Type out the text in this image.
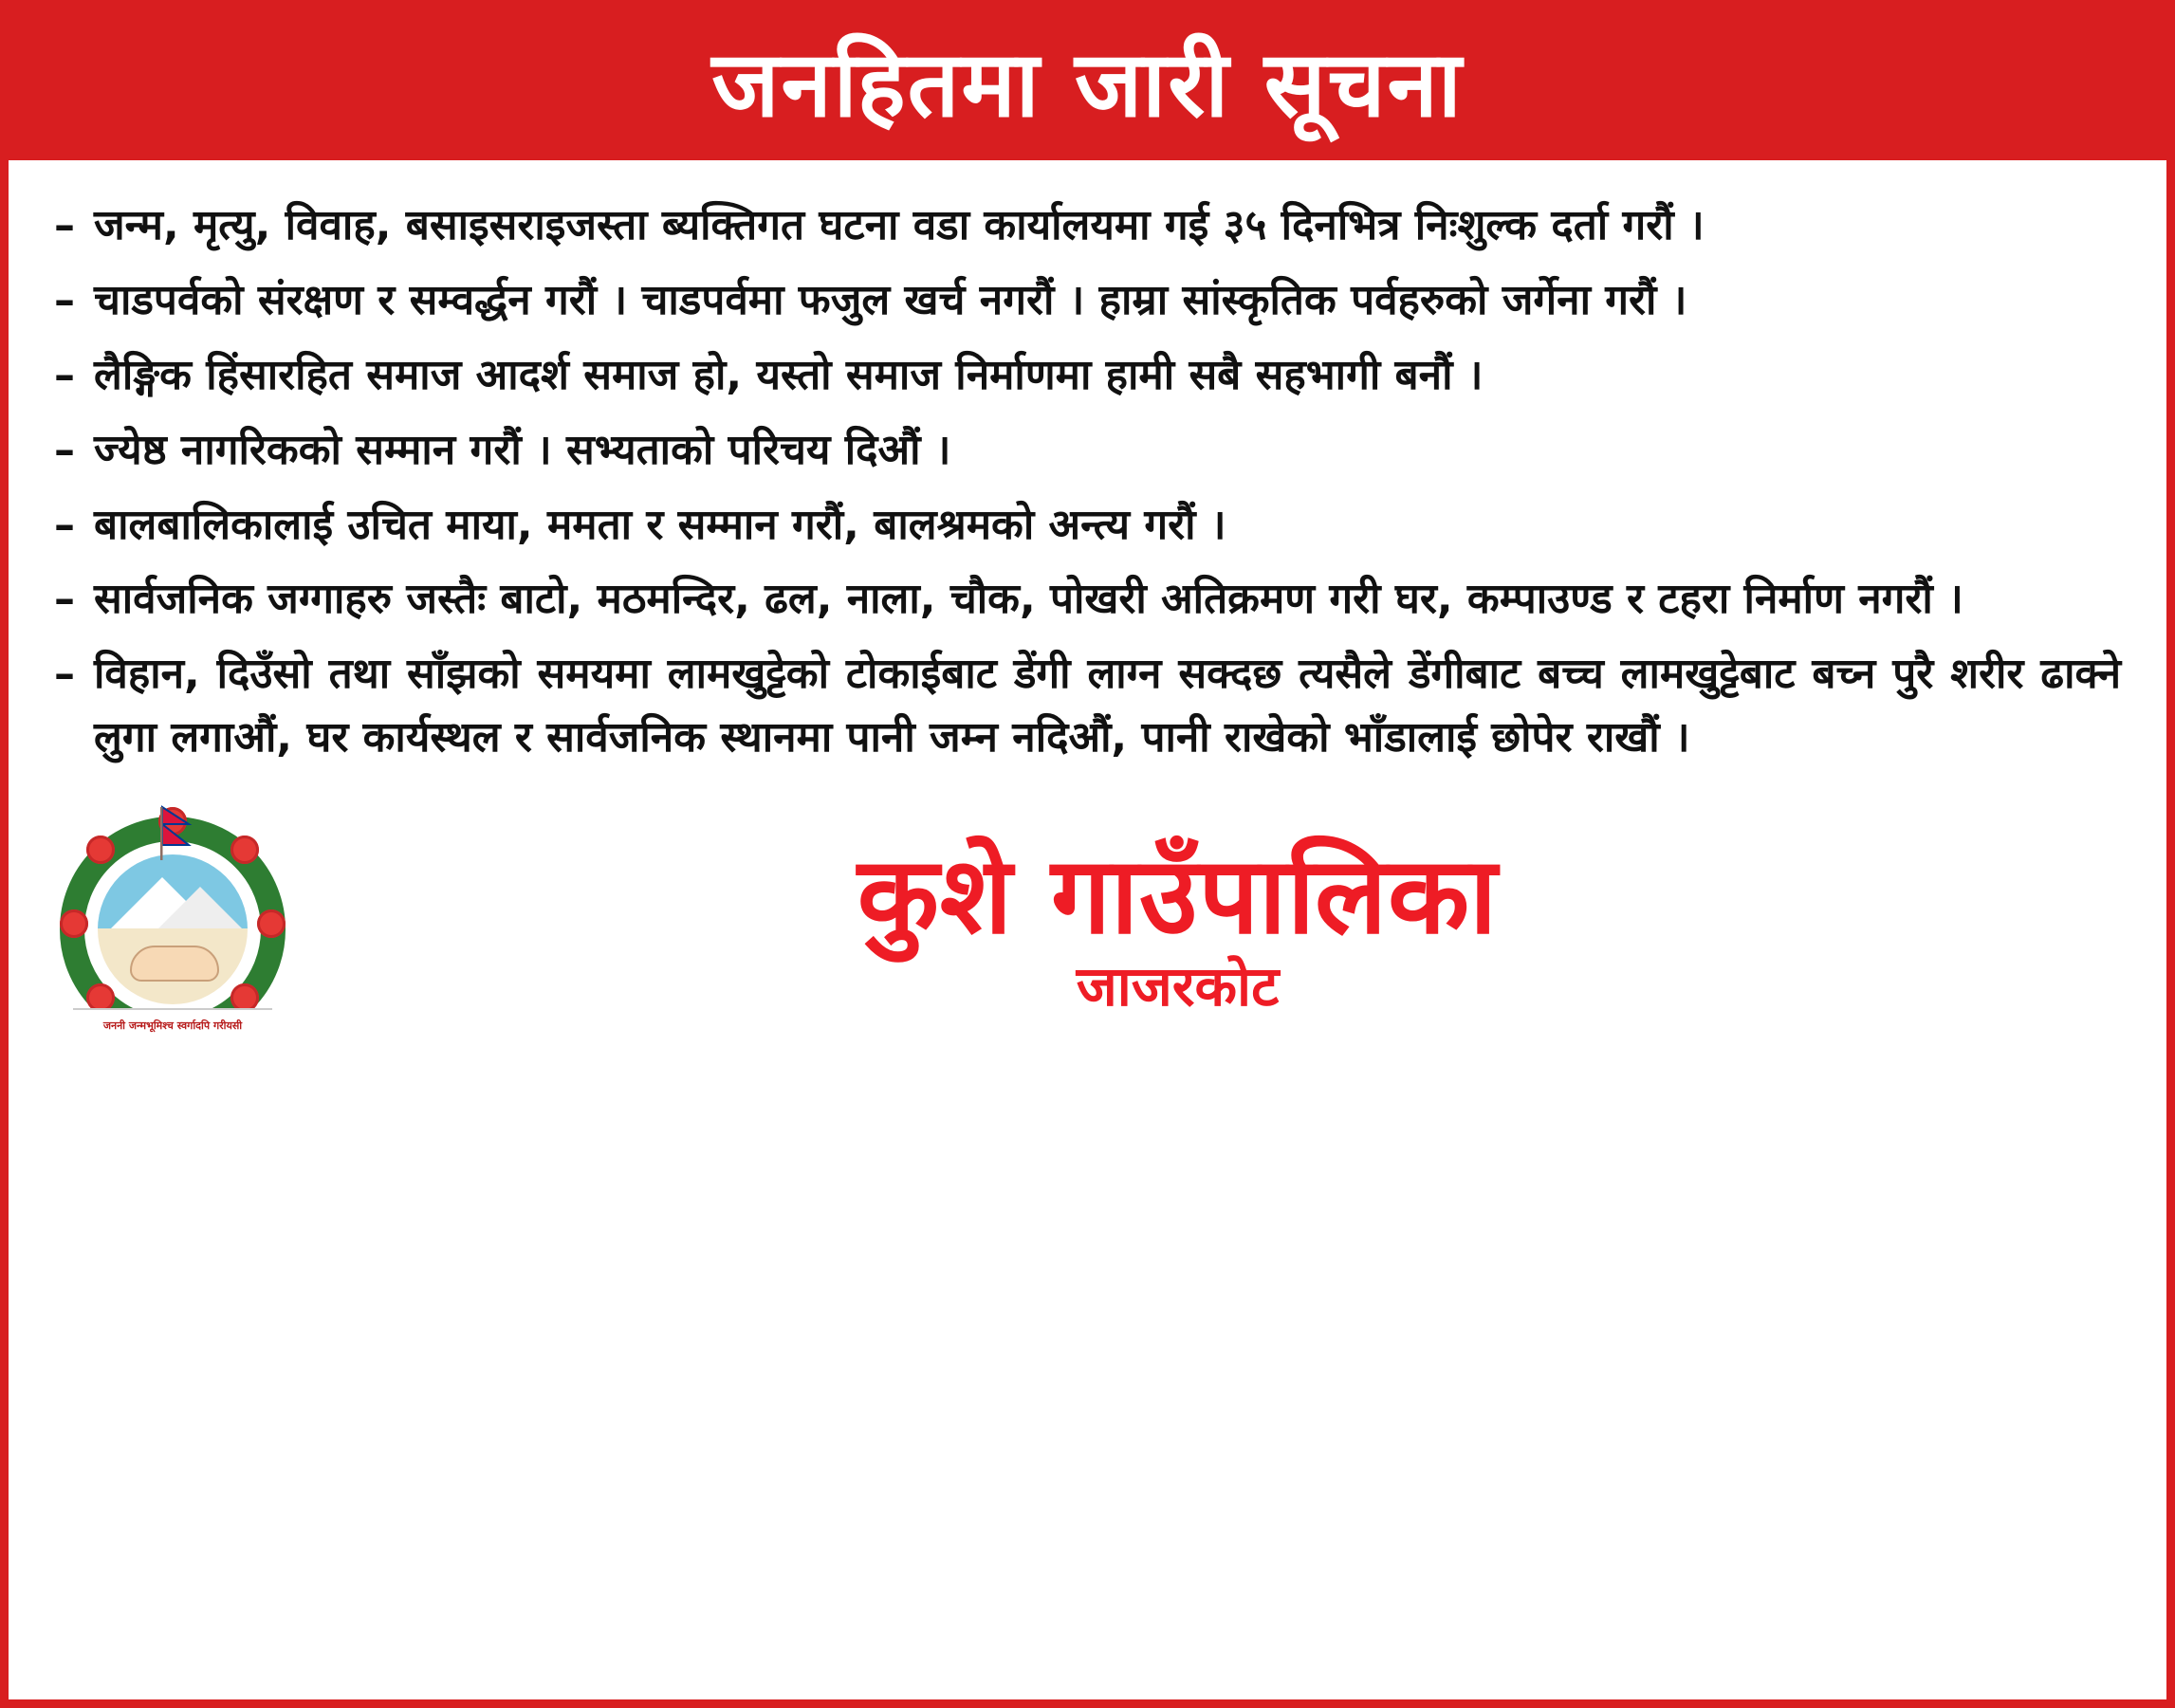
जनहितमा जारी सूचना
– जन्म, मृत्यु, विवाह, बसाइसराइजस्ता ब्यक्तिगत घटना वडा कार्यालयमा गई ३५ दिनभित्र निःशुल्क दर्ता गरौं ।
– चाडपर्वको संरक्षण र सम्वर्द्धन गरौं । चाडपर्वमा फजुल खर्च नगरौं । हाम्रा सांस्कृतिक पर्वहरुको जर्गेना गरौं ।
– लैङ्गिक हिंसारहित समाज आदर्श समाज हो, यस्तो समाज निर्माणमा हामी सबै सहभागी बनौं ।
– ज्येष्ठ नागरिकको सम्मान गरौं । सभ्यताको परिचय दिऔं ।
– बालबालिकालाई उचित माया, ममता र सम्मान गरौं, बालश्रमको अन्त्य गरौं ।
– सार्वजनिक जग्गाहरु जस्तैः बाटो, मठमन्दिर, ढल, नाला, चौक, पोखरी अतिक्रमण गरी घर, कम्पाउण्ड र टहरा निर्माण नगरौं ।
– विहान, दिउँसो तथा साँझको समयमा लामखुट्टेको टोकाईबाट डेंगी लाग्न सक्दछ त्यसैले डेंगीबाट बच्च लामखुट्टेबाट बच्न पुरै शरीर ढाक्ने लुगा लगाऔं, घर कार्यस्थल र सार्वजनिक स्थानमा पानी जम्न नदिऔं, पानी राखेको भाँडालाई छोपेर राखौं ।
जननी जन्मभूमिश्च स्वर्गादपि गरीयसी
कुशे गाउँपालिका
जाजरकोट
